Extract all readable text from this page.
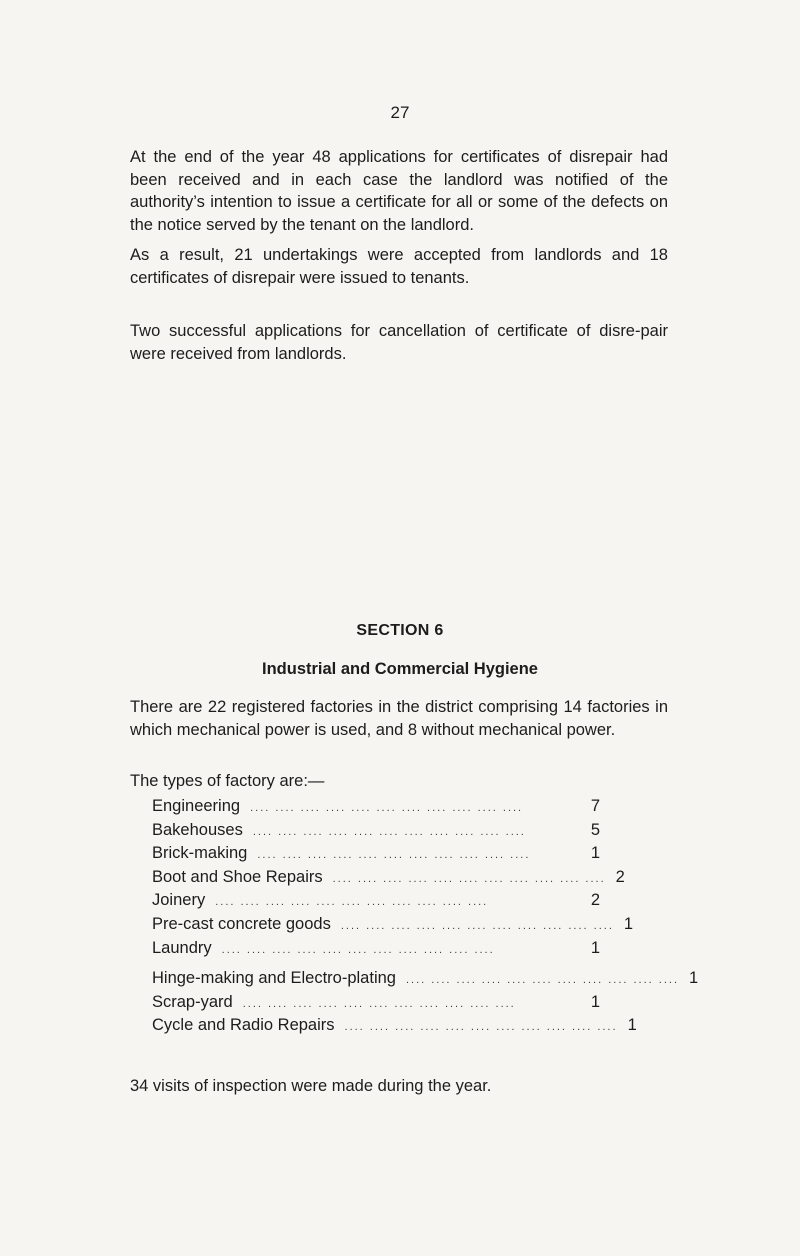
27

At the end of the year 48 applications for certificates of disrepair had been received and in each case the landlord was notified of the authority’s intention to issue a certificate for all or some of the defects on the notice served by the tenant on the landlord.

As a result, 21 undertakings were accepted from landlords and 18 certificates of disrepair were issued to tenants.

Two successful applications for cancellation of certificate of disre-pair were received from landlords.

SECTION 6
Industrial and Commercial Hygiene

There are 22 registered factories in the district comprising 14 factories in which mechanical power is used, and 8 without mechanical power.

The types of factory are:—
Engineering .... .... .... .... .... .... .... .... .... .... ....	7
Bakehouses .... .... .... .... .... .... .... .... .... .... ....	5
Brick-making .... .... .... .... .... .... .... .... .... .... ....	1
Boot and Shoe Repairs .... .... .... .... .... .... .... .... .... .... .... 2
Joinery .... .... .... .... .... .... .... .... .... .... ....	2
Pre-cast concrete goods .... .... .... .... .... .... .... .... .... .... .... 1
Laundry .... .... .... .... .... .... .... .... .... .... ....	1
Hinge-making and Electro-plating .... .... .... .... .... .... .... .... .... .... .... 1
Scrap-yard .... .... .... .... .... .... .... .... .... .... ....	1
Cycle and Radio Repairs .... .... .... .... .... .... .... .... .... .... .... 1
34 visits of inspection were made during the year.
